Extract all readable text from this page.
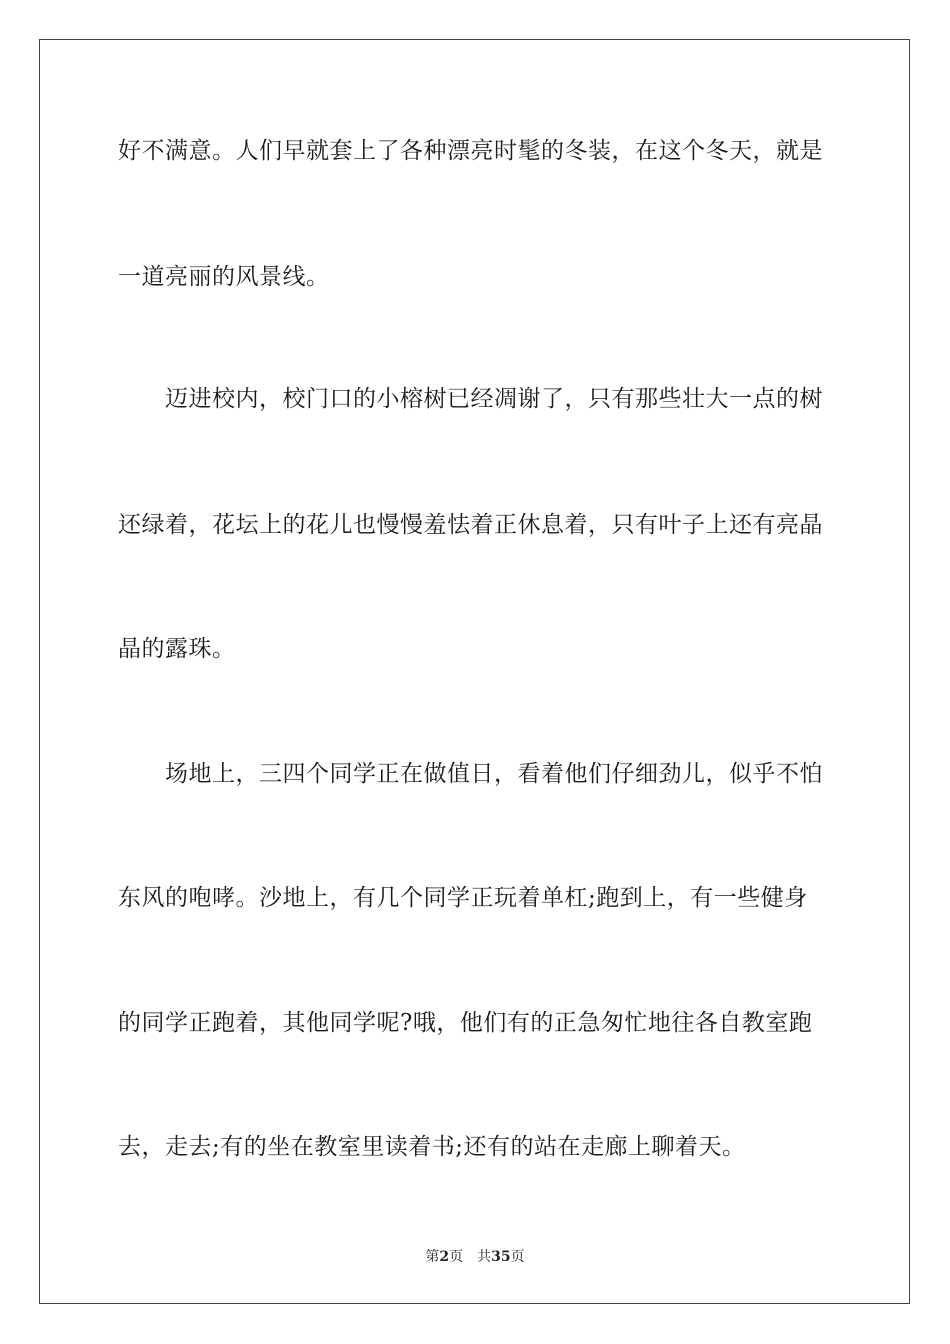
好不满意。人们早就套上了各种漂亮时髦的冬装，在这个冬天，就是
一道亮丽的风景线。
迈进校内，校门口的小榕树已经凋谢了，只有那些壮大一点的树
还绿着，花坛上的花儿也慢慢羞怯着正休息着，只有叶子上还有亮晶
晶的露珠。
场地上，三四个同学正在做值日，看着他们仔细劲儿，似乎不怕
东风的咆哮。沙地上，有几个同学正玩着单杠;跑到上，有一些健身
的同学正跑着，其他同学呢?哦，他们有的正急匆忙地往各自教室跑
去，走去;有的坐在教室里读着书;还有的站在走廊上聊着天。
第2页 共35页
